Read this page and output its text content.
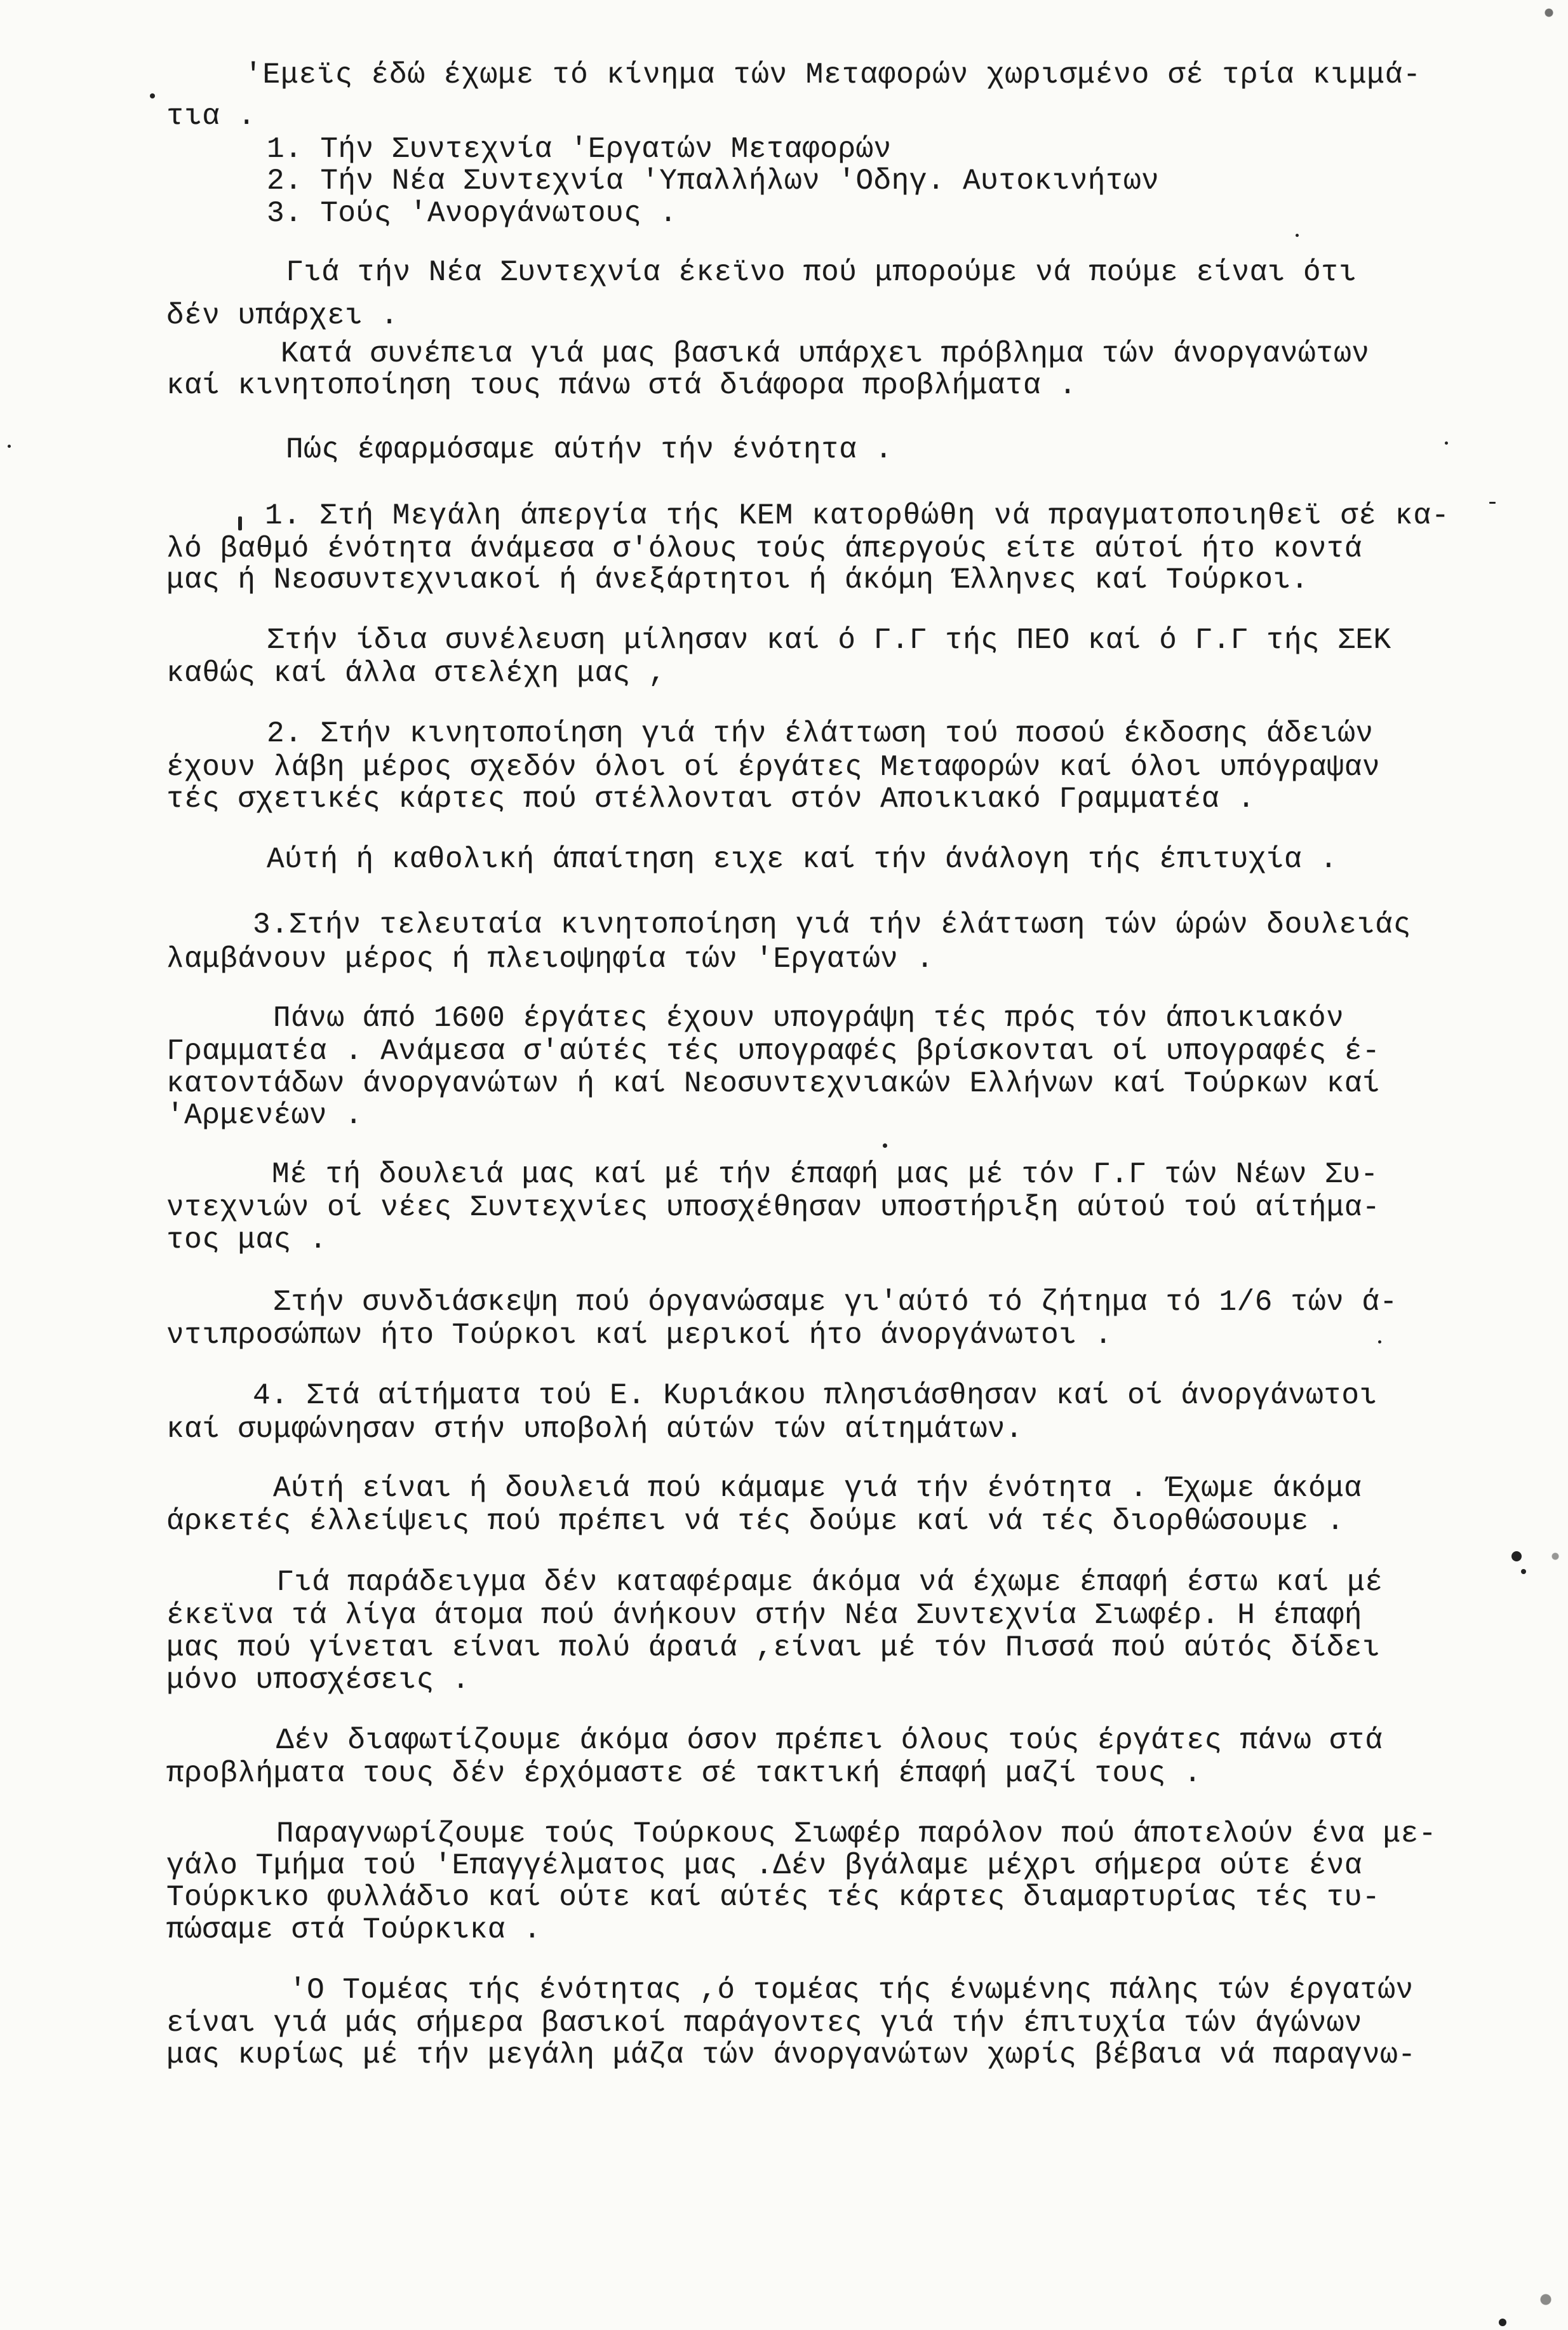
'Εμεϊς έδώ έχωμε τό κίνημα τών Μεταφορών χωρισμένο σέ τρία κιμμά-
τια .
1. Τήν Συντεχνία 'Εργατών Μεταφορών
2. Τήν Νέα Συντεχνία 'Υπαλλήλων 'Οδηγ. Αυτοκινήτων
3. Τούς 'Ανοργάνωτους .
Γιά τήν Νέα Συντεχνία έκεϊνο πού μπορούμε νά πούμε είναι ότι
δέν υπάρχει .
Κατά συνέπεια γιά μας βασικά υπάρχει πρόβλημα τών άνοργανώτων
καί κινητοποίηση τους πάνω στά διάφορα προβλήματα .
Πώς έφαρμόσαμε αύτήν τήν ένότητα .
1. Στή Μεγάλη άπεργία τής ΚΕΜ κατορθώθη νά πραγματοποιηθεϊ σέ κα-
λό βαθμό ένότητα άνάμεσα σ'όλους τούς άπεργούς είτε αύτοί ήτο κοντά
μας ή Νεοσυντεχνιακοί ή άνεξάρτητοι ή άκόμη Έλληνες καί Τούρκοι.
Στήν ίδια συνέλευση μίλησαν καί ό Γ.Γ τής ΠΕΟ καί ό Γ.Γ τής ΣΕΚ
καθώς καί άλλα στελέχη μας ,
2. Στήν κινητοποίηση γιά τήν έλάττωση τού ποσού έκδοσης άδειών
έχουν λάβη μέρος σχεδόν όλοι οί έργάτες Μεταφορών καί όλοι υπόγραψαν
τές σχετικές κάρτες πού στέλλονται στόν Αποικιακό Γραμματέα .
Αύτή ή καθολική άπαίτηση ειχε καί τήν άνάλογη τής έπιτυχία .
3.Στήν τελευταία κινητοποίηση γιά τήν έλάττωση τών ώρών δουλειάς
λαμβάνουν μέρος ή πλειοψηφία τών 'Εργατών .
Πάνω άπό 1600 έργάτες έχουν υπογράψη τές πρός τόν άποικιακόν
Γραμματέα . Ανάμεσα σ'αύτές τές υπογραφές βρίσκονται οί υπογραφές έ-
κατοντάδων άνοργανώτων ή καί Νεοσυντεχνιακών Ελλήνων καί Τούρκων καί
'Αρμενέων .
Μέ τή δουλειά μας καί μέ τήν έπαφή μας μέ τόν Γ.Γ τών Νέων Συ-
ντεχνιών οί νέες Συντεχνίες υποσχέθησαν υποστήριξη αύτού τού αίτήμα-
τος μας .
Στήν συνδιάσκεψη πού όργανώσαμε γι'αύτό τό ζήτημα τό 1/6 τών ά-
ντιπροσώπων ήτο Τούρκοι καί μερικοί ήτο άνοργάνωτοι .
4. Στά αίτήματα τού Ε. Κυριάκου πλησιάσθησαν καί οί άνοργάνωτοι
καί συμφώνησαν στήν υποβολή αύτών τών αίτημάτων.
Αύτή είναι ή δουλειά πού κάμαμε γιά τήν ένότητα . Έχωμε άκόμα
άρκετές έλλείψεις πού πρέπει νά τές δούμε καί νά τές διορθώσουμε .
Γιά παράδειγμα δέν καταφέραμε άκόμα νά έχωμε έπαφή έστω καί μέ
έκεϊνα τά λίγα άτομα πού άνήκουν στήν Νέα Συντεχνία Σιωφέρ. Η έπαφή
μας πού γίνεται είναι πολύ άραιά ,είναι μέ τόν Πισσά πού αύτός δίδει
μόνο υποσχέσεις .
Δέν διαφωτίζουμε άκόμα όσον πρέπει όλους τούς έργάτες πάνω στά
προβλήματα τους δέν έρχόμαστε σέ τακτική έπαφή μαζί τους .
Παραγνωρίζουμε τούς Τούρκους Σιωφέρ παρόλον πού άποτελούν ένα με-
γάλο Τμήμα τού 'Επαγγέλματος μας .Δέν βγάλαμε μέχρι σήμερα ούτε ένα
Τούρκικο φυλλάδιο καί ούτε καί αύτές τές κάρτες διαμαρτυρίας τές τυ-
πώσαμε στά Τούρκικα .
'Ο Τομέας τής ένότητας ,ό τομέας τής ένωμένης πάλης τών έργατών
είναι γιά μάς σήμερα βασικοί παράγοντες γιά τήν έπιτυχία τών άγώνων
μας κυρίως μέ τήν μεγάλη μάζα τών άνοργανώτων χωρίς βέβαια νά παραγνω-
